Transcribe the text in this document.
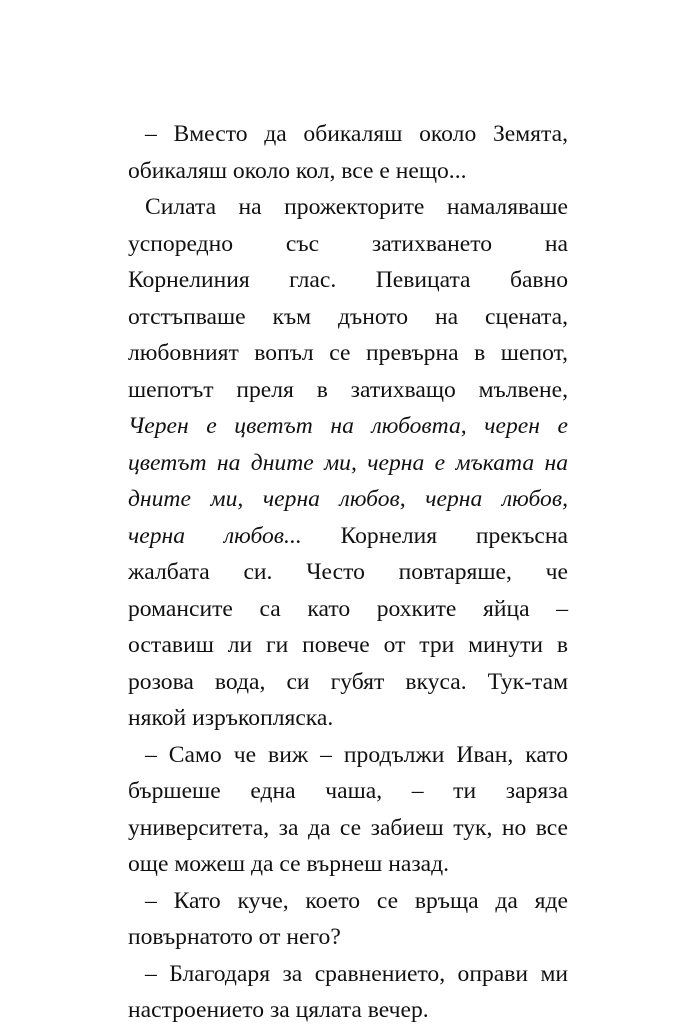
– Вместо да обикаляш около Земята,
обикаляш около кол, все е нещо...
Силата на прожекторите намаляваше
успоредно със затихването на
Корнелиния глас. Певицата бавно
отстъпваше към дъното на сцената,
любовният вопъл се превърна в шепот,
шепотът преля в затихващо мълвене,
Черен е цветът на любовта, черен е
цветът на дните ми, черна е мъката на
дните ми, черна любов, черна любов,
черна любов... Корнелия прекъсна
жалбата си. Често повтаряше, че
романсите са като рохките яйца –
оставиш ли ги повече от три минути в
розова вода, си губят вкуса. Тук-там
някой изръкопляска.
– Само че виж – продължи Иван, като
бършеше една чаша, – ти заряза
университета, за да се забиеш тук, но все
още можеш да се върнеш назад.
– Като куче, което се връща да яде
повърнатото от него?
– Благодаря за сравнението, оправи ми
настроението за цялата вечер.
